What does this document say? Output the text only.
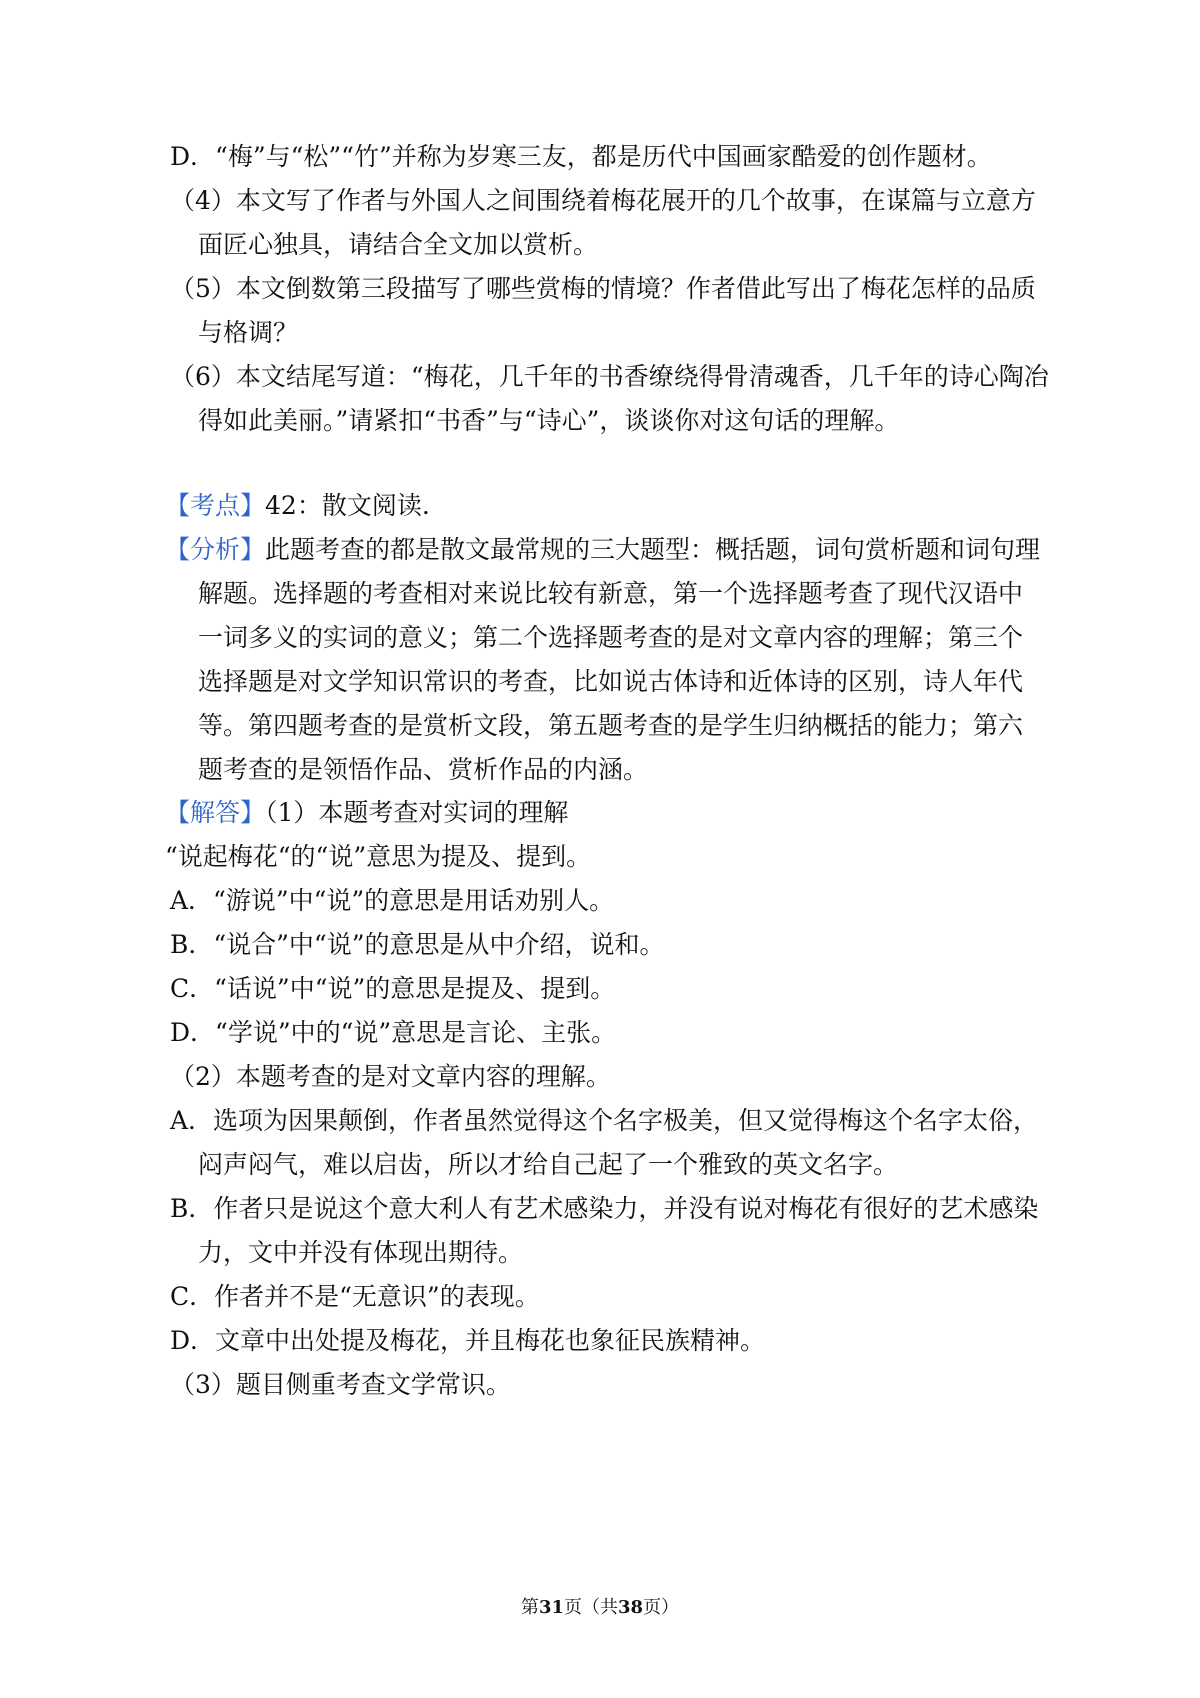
D．“梅”与“松”“竹”并称为岁寒三友，都是历代中国画家酷爱的创作题材。
（4）本文写了作者与外国人之间围绕着梅花展开的几个故事，在谋篇与立意方
面匠心独具，请结合全文加以赏析。
（5）本文倒数第三段描写了哪些赏梅的情境？作者借此写出了梅花怎样的品质
与格调？
（6）本文结尾写道：“梅花，几千年的书香缭绕得骨清魂香，几千年的诗心陶冶
得如此美丽。”请紧扣“书香”与“诗心”，谈谈你对这句话的理解。
【考点】42：散文阅读.
【分析】此题考查的都是散文最常规的三大题型：概括题，词句赏析题和词句理
解题。选择题的考查相对来说比较有新意，第一个选择题考查了现代汉语中
一词多义的实词的意义；第二个选择题考查的是对文章内容的理解；第三个
选择题是对文学知识常识的考查，比如说古体诗和近体诗的区别，诗人年代
等。第四题考查的是赏析文段，第五题考查的是学生归纳概括的能力；第六
题考查的是领悟作品、赏析作品的内涵。
【解答】（1）本题考查对实词的理解
“说起梅花“的“说”意思为提及、提到。
A．“游说”中“说”的意思是用话劝别人。
B．“说合”中“说”的意思是从中介绍，说和。
C．“话说”中“说”的意思是提及、提到。
D．“学说”中的“说”意思是言论、主张。
（2）本题考查的是对文章内容的理解。
A．选项为因果颠倒，作者虽然觉得这个名字极美，但又觉得梅这个名字太俗，
闷声闷气，难以启齿，所以才给自己起了一个雅致的英文名字。
B．作者只是说这个意大利人有艺术感染力，并没有说对梅花有很好的艺术感染
力，文中并没有体现出期待。
C．作者并不是“无意识”的表现。
D．文章中出处提及梅花，并且梅花也象征民族精神。
（3）题目侧重考查文学常识。
第31页（共38页）
